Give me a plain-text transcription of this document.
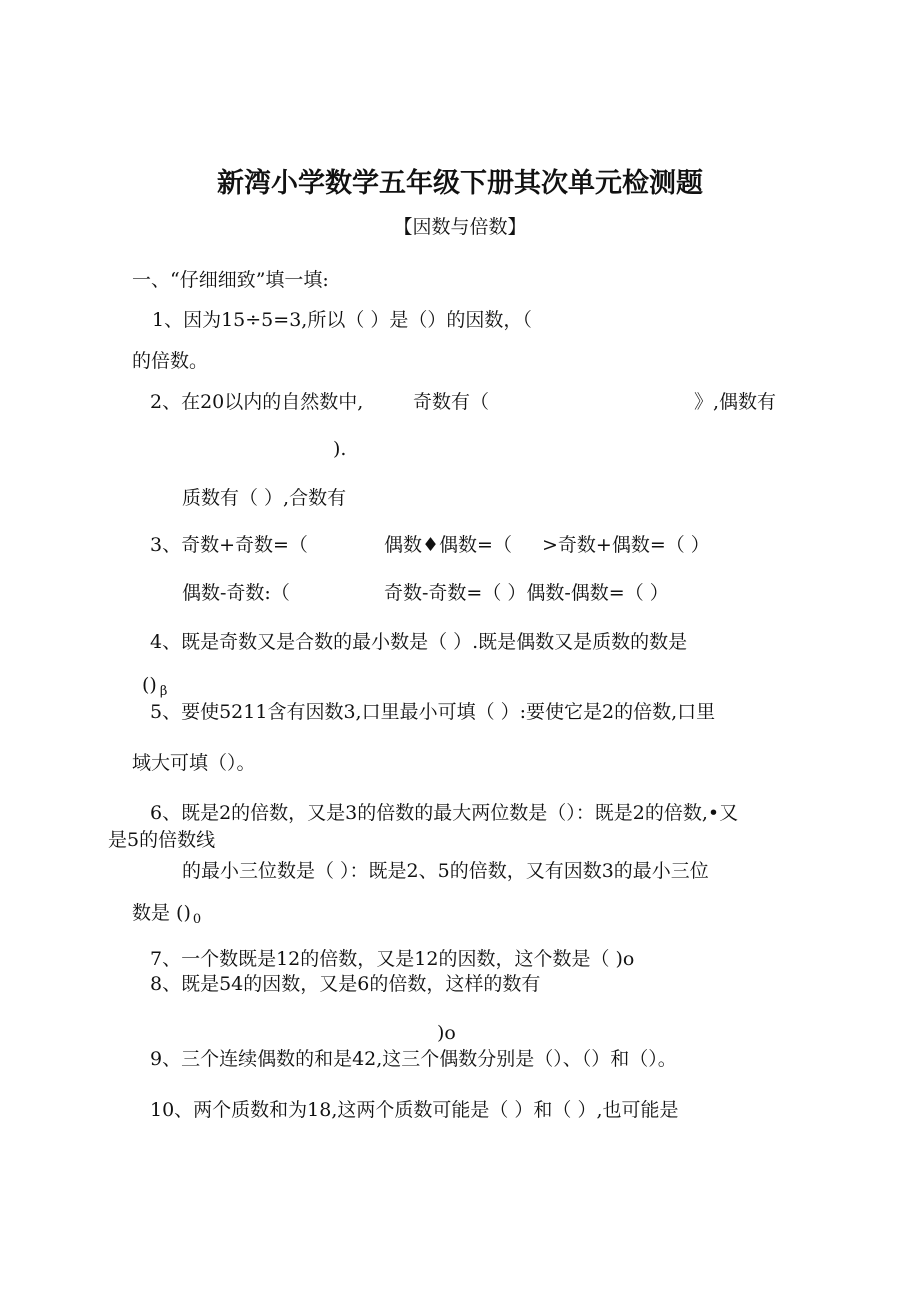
新湾小学数学五年级下册其次单元检测题
【因数与倍数】
一、“仔细细致”填一填:
1、因为15÷5=3,所以（ ）是（）的因数，（
的倍数。
2、在20以内的自然数中,	奇数有（	》,偶数有
).
质数有（ ）,合数有
3、奇数+奇数=（	偶数♦偶数=（ >奇数+偶数=（ ）
偶数-奇数:（	奇数-奇数=（ ）偶数-偶数=（ ）
4、既是奇数又是合数的最小数是（ ）.既是偶数又是质数的数是
() $_\beta$
5、要使5211含有因数3,口里最小可填（ ）:要使它是2的倍数,口里
域大可填（）。
6、既是2的倍数，又是3的倍数的最大两位数是（）：既是2的倍数,•又
是5的倍数线
的最小三位数是（ ）：既是2、5的倍数，又有因数3的最小三位
数是 () $_0$
7、一个数既是12的倍数，又是12的因数，这个数是（ )o
8、既是54的因数，又是6的倍数，这样的数有
)o
9、三个连续偶数的和是42,这三个偶数分别是（）、（）和（）。
10、两个质数和为18,这两个质数可能是（ ）和（ ）,也可能是
